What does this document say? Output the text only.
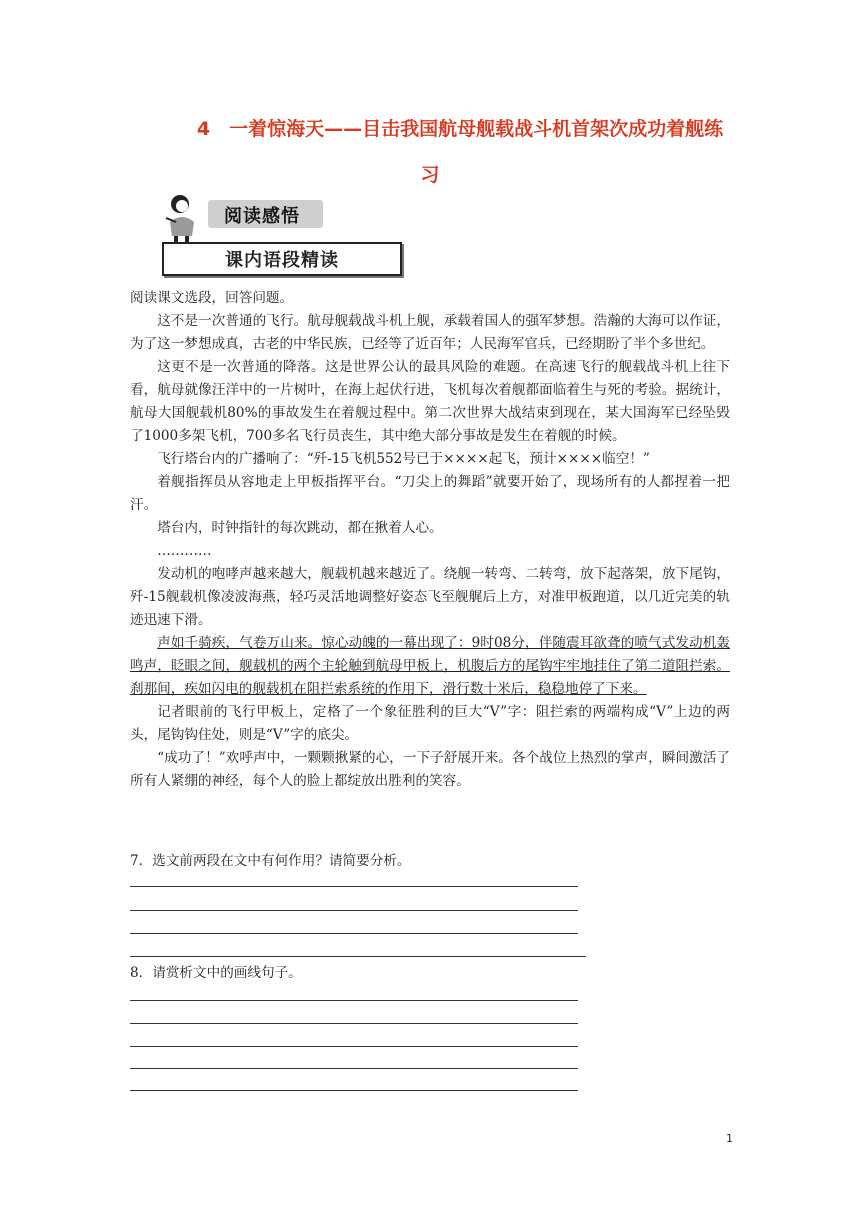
4　一着惊海天——目击我国航母舰载战斗机首架次成功着舰练
习
阅读感悟
课内语段精读

阅读课文选段，回答问题。

这不是一次普通的飞行。航母舰载战斗机上舰，承载着国人的强军梦想。浩瀚的大海可以作证，为了这一梦想成真，古老的中华民族，已经等了近百年；人民海军官兵，已经期盼了半个多世纪。

这更不是一次普通的降落。这是世界公认的最具风险的难题。在高速飞行的舰载战斗机上往下看，航母就像汪洋中的一片树叶，在海上起伏行进，飞机每次着舰都面临着生与死的考验。据统计，航母大国舰载机80%的事故发生在着舰过程中。第二次世界大战结束到现在，某大国海军已经坠毁了1000多架飞机，700多名飞行员丧生，其中绝大部分事故是发生在着舰的时候。

飞行塔台内的广播响了：“歼-15飞机552号已于××××起飞，预计××××临空！”

着舰指挥员从容地走上甲板指挥平台。“刀尖上的舞蹈”就要开始了，现场所有的人都捏着一把汗。

塔台内，时钟指针的每次跳动，都在揪着人心。

…………

发动机的咆哮声越来越大，舰载机越来越近了。绕舰一转弯、二转弯，放下起落架，放下尾钩，歼-15舰载机像凌波海燕，轻巧灵活地调整好姿态飞至舰艉后上方，对准甲板跑道，以几近完美的轨迹迅速下滑。

声如千骑疾，气卷万山来。惊心动魄的一幕出现了：9时08分，伴随震耳欲聋的喷气式发动机轰鸣声，眨眼之间，舰载机的两个主轮触到航母甲板上，机腹后方的尾钩牢牢地挂住了第二道阻拦索。刹那间，疾如闪电的舰载机在阻拦索系统的作用下，滑行数十米后，稳稳地停了下来。

记者眼前的飞行甲板上，定格了一个象征胜利的巨大“V”字：阻拦索的两端构成“V”上边的两头，尾钩钩住处，则是“V”字的底尖。

“成功了！”欢呼声中，一颗颗揪紧的心，一下子舒展开来。各个战位上热烈的掌声，瞬间激活了所有人紧绷的神经，每个人的脸上都绽放出胜利的笑容。

7．选文前两段在文中有何作用？请简要分析。
8．请赏析文中的画线句子。
1
